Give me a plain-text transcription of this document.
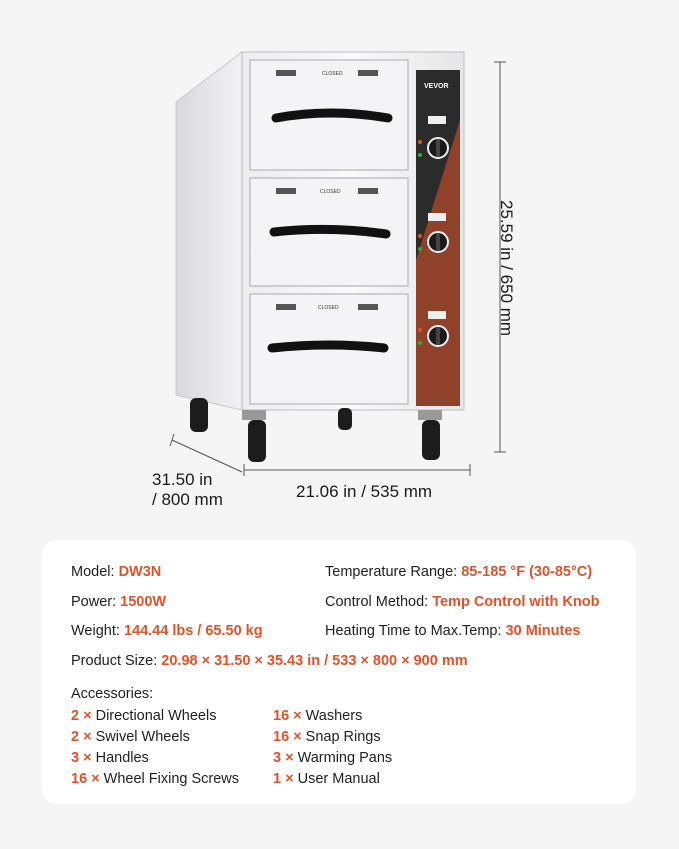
CLOSED
CLOSED
CLOSED
VEVOR
25.59 in / 650 mm
31.50 in
/ 800 mm	21.06 in / 535 mm
Model: DW3N
Power: 1500W
Weight: 144.44 lbs / 65.50 kg
Temperature Range: 85-185 °F (30-85°C)
Control Method: Temp Control with Knob
Heating Time to Max.Temp: 30 Minutes
Product Size: 20.98 × 31.50 × 35.43 in / 533 × 800 × 900 mm
Accessories:
2 × Directional Wheels
2 × Swivel Wheels
3 × Handles
16 × Wheel Fixing Screws
16 × Washers
16 × Snap Rings
3 × Warming Pans
1 × User Manual
